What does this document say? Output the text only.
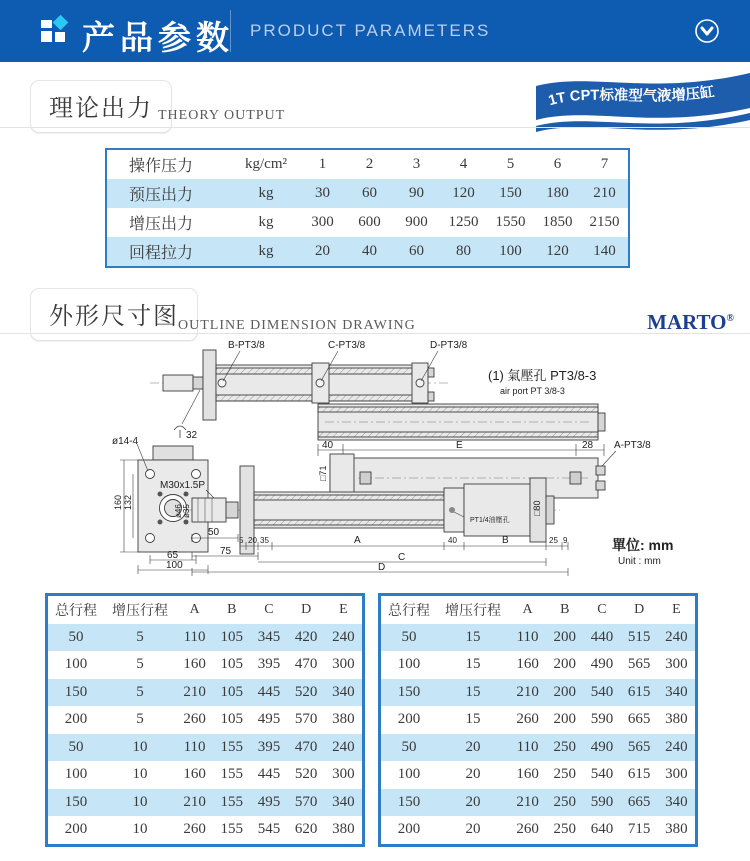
产品参数 PRODUCT PARAMETERS
1T CPT标准型气液增压缸
理论出力 THEORY OUTPUT
操作压力	kg/cm²	1	2	3	4	5	6	7
预压出力	kg	30	60	90	120	150	180	210
增压出力	kg	300	600	900	1250	1550	1850	2150
回程拉力	kg	20	40	60	80	100	120	140
外形尺寸图 OUTLINE DIMENSION DRAWING	MARTO®
B-PT3/8	C-PT3/8	D-PT3/8
32
(1) 氣壓孔 PT3/8-3
air port PT 3/8-3
40	E	28 A-PT3/8
□71
ø14-4
160 132
65
100
M30x1.5P
ø46 ø35
50
5 20 35	A	40	B	25 9
75
C
D
□80
PT1/4油壓孔
單位: mm
Unit : mm
总行程	增压行程	A	B	C	D	E
50	5	110	105	345	420	240
100	5	160	105	395	470	300
150	5	210	105	445	520	340
200	5	260	105	495	570	380
50	10	110	155	395	470	240
100	10	160	155	445	520	300
150	10	210	155	495	570	340
200	10	260	155	545	620	380
总行程	增压行程	A	B	C	D	E
50	15	110	200	440	515	240
100	15	160	200	490	565	300
150	15	210	200	540	615	340
200	15	260	200	590	665	380
50	20	110	250	490	565	240
100	20	160	250	540	615	300
150	20	210	250	590	665	340
200	20	260	250	640	715	380
